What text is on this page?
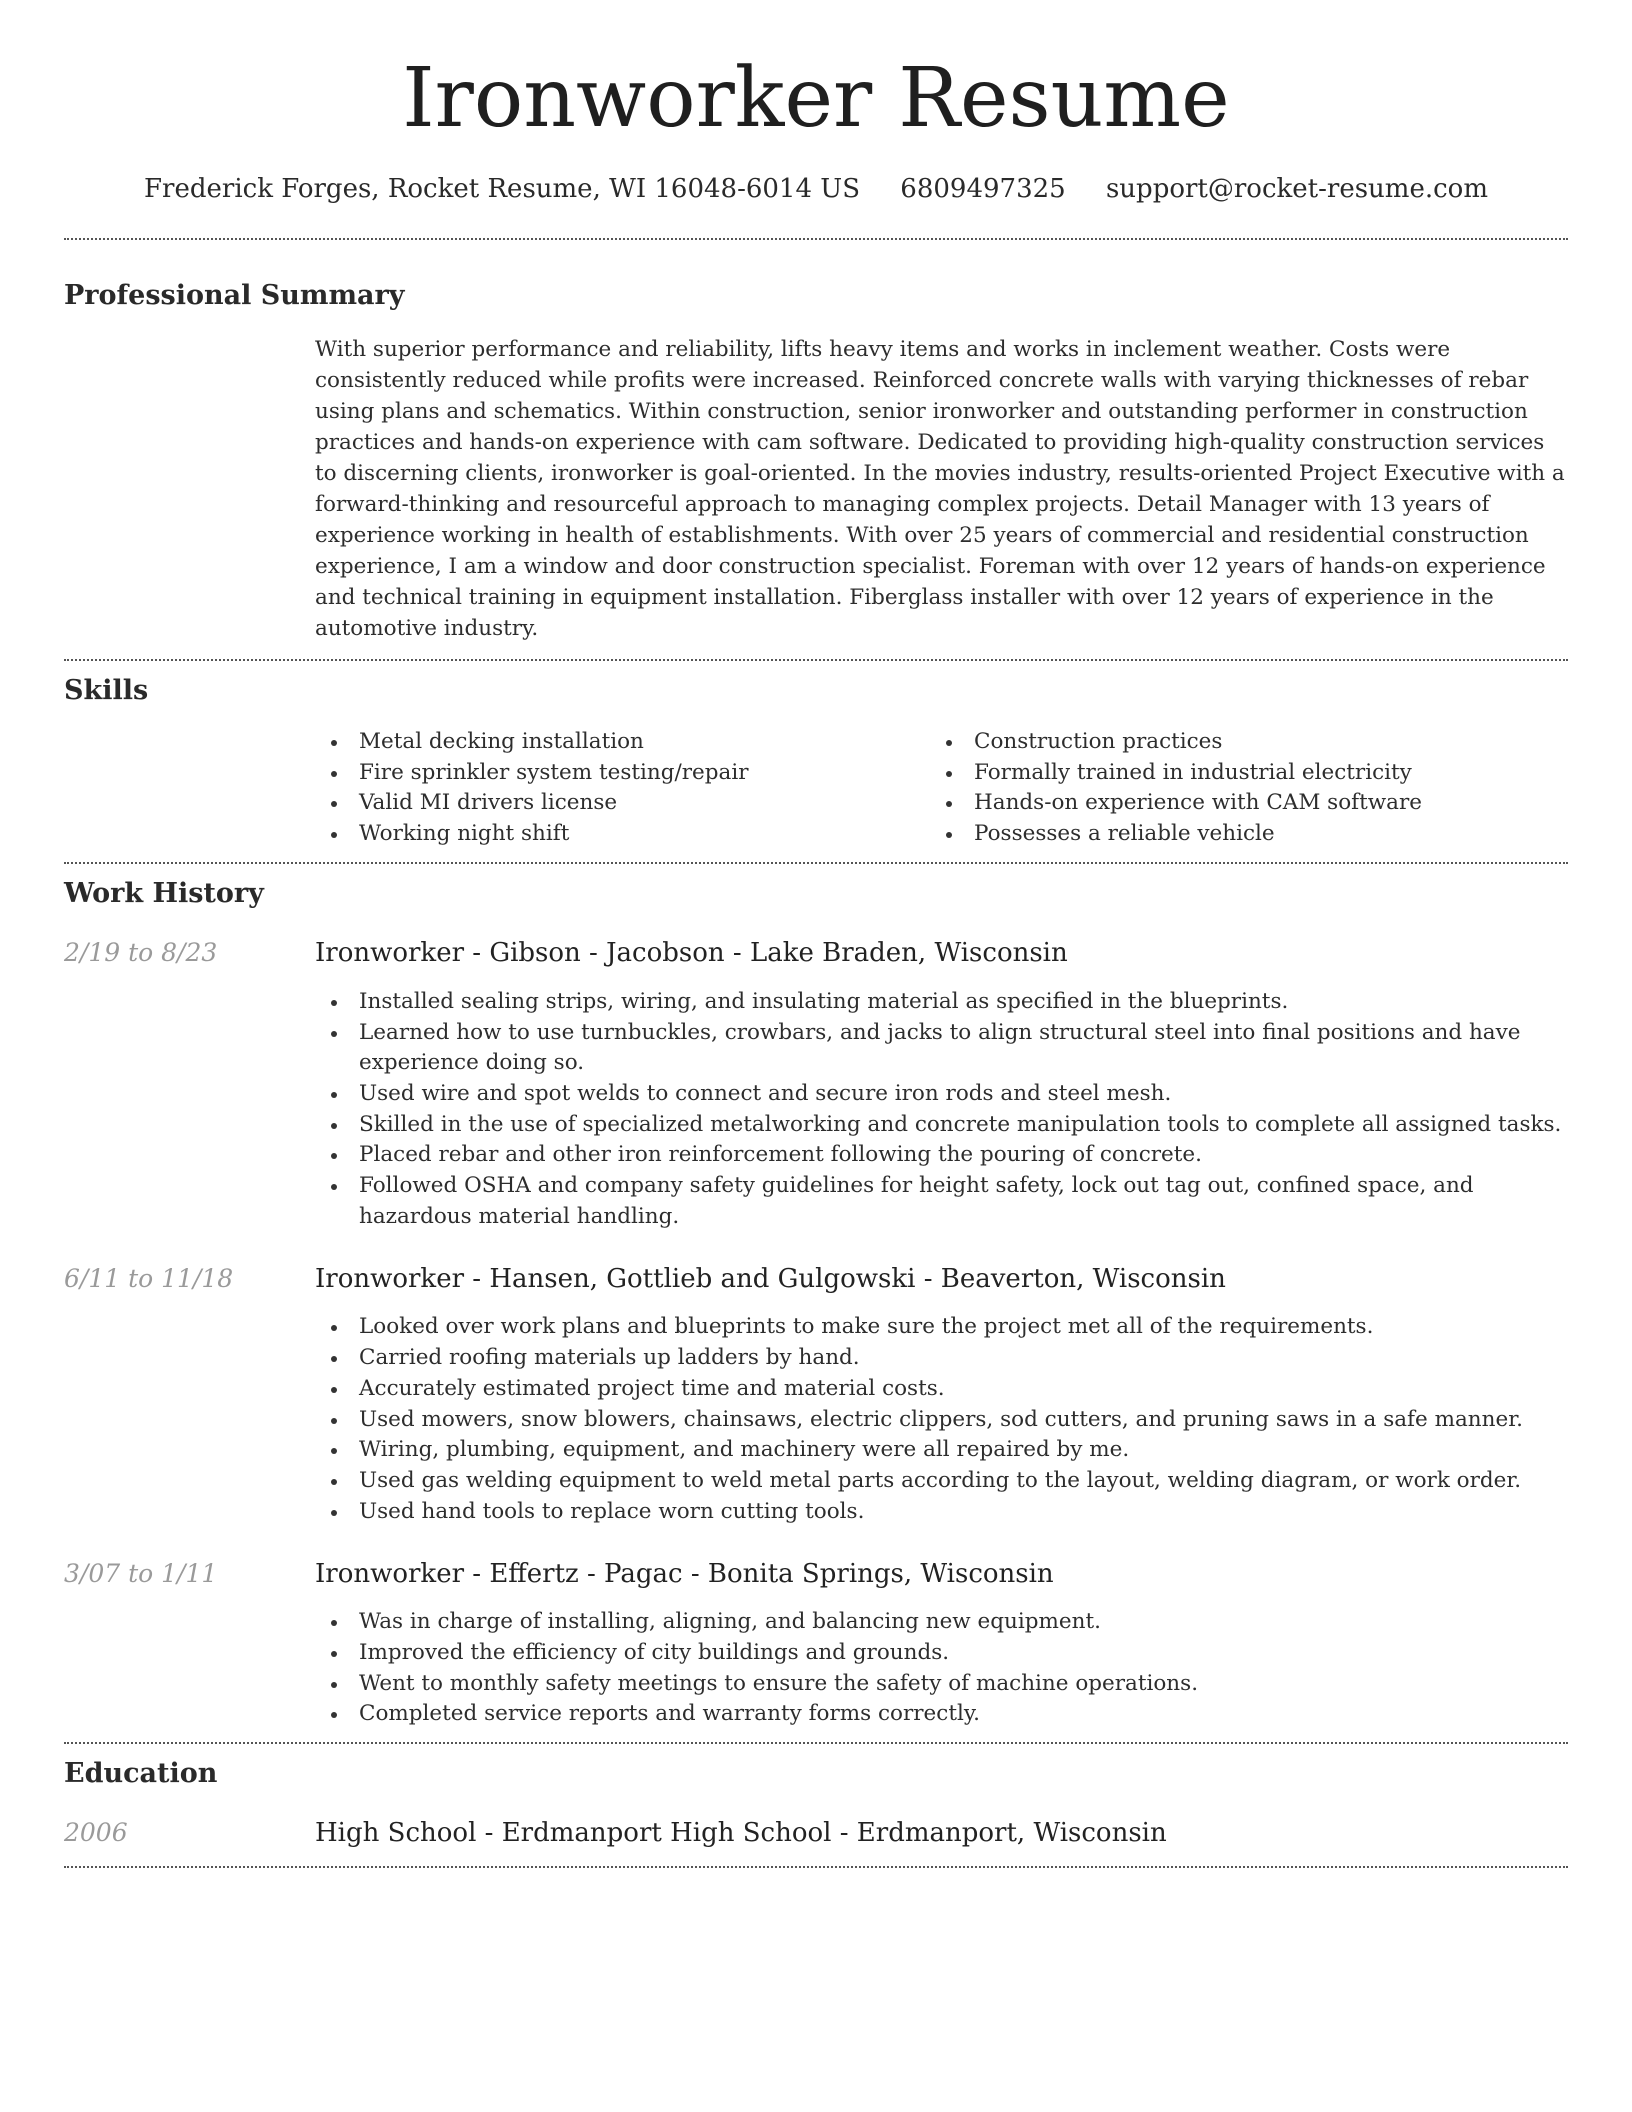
Ironworker Resume
Frederick Forges, Rocket Resume, WI 16048-6014 US 6809497325 support@rocket-resume.com
Professional Summary

With superior performance and reliability, lifts heavy items and works in inclement weather. Costs were consistently reduced while profits were increased. Reinforced concrete walls with varying thicknesses of rebar using plans and schematics. Within construction, senior ironworker and outstanding performer in construction practices and hands-on experience with cam software. Dedicated to providing high-quality construction services to discerning clients, ironworker is goal-oriented. In the movies industry, results-oriented Project Executive with a forward-thinking and resourceful approach to managing complex projects. Detail Manager with 13 years of experience working in health of establishments. With over 25 years of commercial and residential construction experience, I am a window and door construction specialist. Foreman with over 12 years of hands-on experience and technical training in equipment installation. Fiberglass installer with over 12 years of experience in the automotive industry.

Skills
Metal decking installation
Fire sprinkler system testing/repair
Valid MI drivers license
Working night shift
Construction practices
Formally trained in industrial electricity
Hands-on experience with CAM software
Possesses a reliable vehicle
Work History
2/19 to 8/23	Ironworker - Gibson - Jacobson - Lake Braden, Wisconsin
Installed sealing strips, wiring, and insulating material as specified in the blueprints.
Learned how to use turnbuckles, crowbars, and jacks to align structural steel into final positions and have experience doing so.
Used wire and spot welds to connect and secure iron rods and steel mesh.
Skilled in the use of specialized metalworking and concrete manipulation tools to complete all assigned tasks.
Placed rebar and other iron reinforcement following the pouring of concrete.
Followed OSHA and company safety guidelines for height safety, lock out tag out, confined space, and hazardous material handling.
6/11 to 11/18	Ironworker - Hansen, Gottlieb and Gulgowski - Beaverton, Wisconsin
Looked over work plans and blueprints to make sure the project met all of the requirements.
Carried roofing materials up ladders by hand.
Accurately estimated project time and material costs.
Used mowers, snow blowers, chainsaws, electric clippers, sod cutters, and pruning saws in a safe manner.
Wiring, plumbing, equipment, and machinery were all repaired by me.
Used gas welding equipment to weld metal parts according to the layout, welding diagram, or work order.
Used hand tools to replace worn cutting tools.
3/07 to 1/11	Ironworker - Effertz - Pagac - Bonita Springs, Wisconsin
Was in charge of installing, aligning, and balancing new equipment.
Improved the efficiency of city buildings and grounds.
Went to monthly safety meetings to ensure the safety of machine operations.
Completed service reports and warranty forms correctly.
Education
2006	High School - Erdmanport High School - Erdmanport, Wisconsin
